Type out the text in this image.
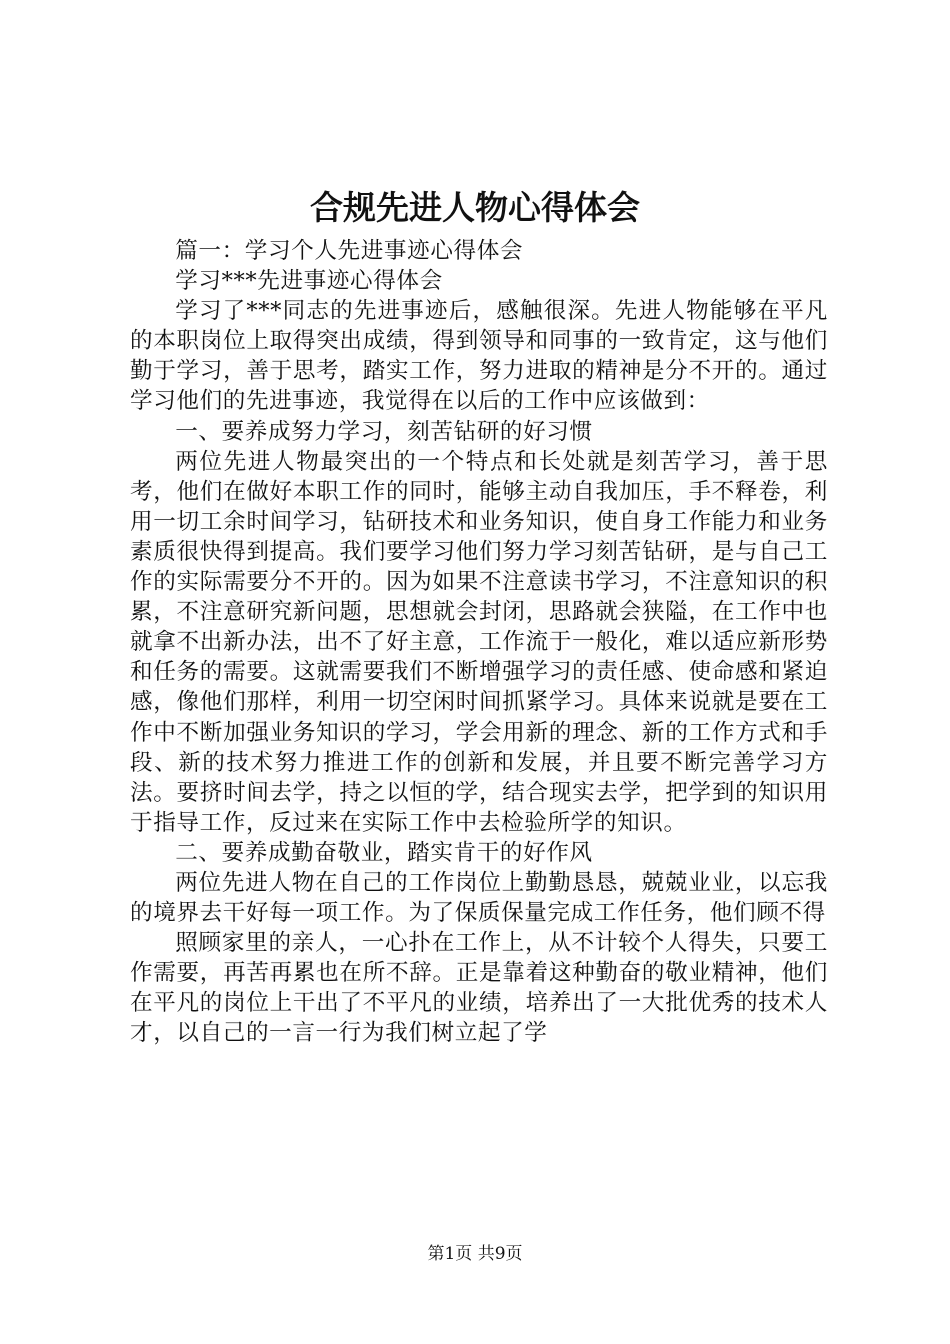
合规先进人物心得体会

篇一：学习个人先进事迹心得体会

学习***先进事迹心得体会

学习了***同志的先进事迹后，感触很深。先进人物能够在平凡的本职岗位上取得突出成绩，得到领导和同事的一致肯定，这与他们勤于学习，善于思考，踏实工作，努力进取的精神是分不开的。通过学习他们的先进事迹，我觉得在以后的工作中应该做到：

一、要养成努力学习，刻苦钻研的好习惯

两位先进人物最突出的一个特点和长处就是刻苦学习，善于思考，他们在做好本职工作的同时，能够主动自我加压，手不释卷，利用一切工余时间学习，钻研技术和业务知识，使自身工作能力和业务素质很快得到提高。我们要学习他们努力学习刻苦钻研，是与自己工作的实际需要分不开的。因为如果不注意读书学习，不注意知识的积累，不注意研究新问题，思想就会封闭，思路就会狭隘，在工作中也就拿不出新办法，出不了好主意，工作流于一般化，难以适应新形势和任务的需要。这就需要我们不断增强学习的责任感、使命感和紧迫感，像他们那样，利用一切空闲时间抓紧学习。具体来说就是要在工作中不断加强业务知识的学习，学会用新的理念、新的工作方式和手段、新的技术努力推进工作的创新和发展，并且要不断完善学习方法。要挤时间去学，持之以恒的学，结合现实去学，把学到的知识用于指导工作，反过来在实际工作中去检验所学的知识。

二、要养成勤奋敬业，踏实肯干的好作风

两位先进人物在自己的工作岗位上勤勤恳恳，兢兢业业，以忘我的境界去干好每一项工作。为了保质保量完成工作任务，他们顾不得

照顾家里的亲人，一心扑在工作上，从不计较个人得失，只要工作需要，再苦再累也在所不辞。正是靠着这种勤奋的敬业精神，他们在平凡的岗位上干出了不平凡的业绩，培养出了一大批优秀的技术人才，以自己的一言一行为我们树立起了学

第1页 共9页
